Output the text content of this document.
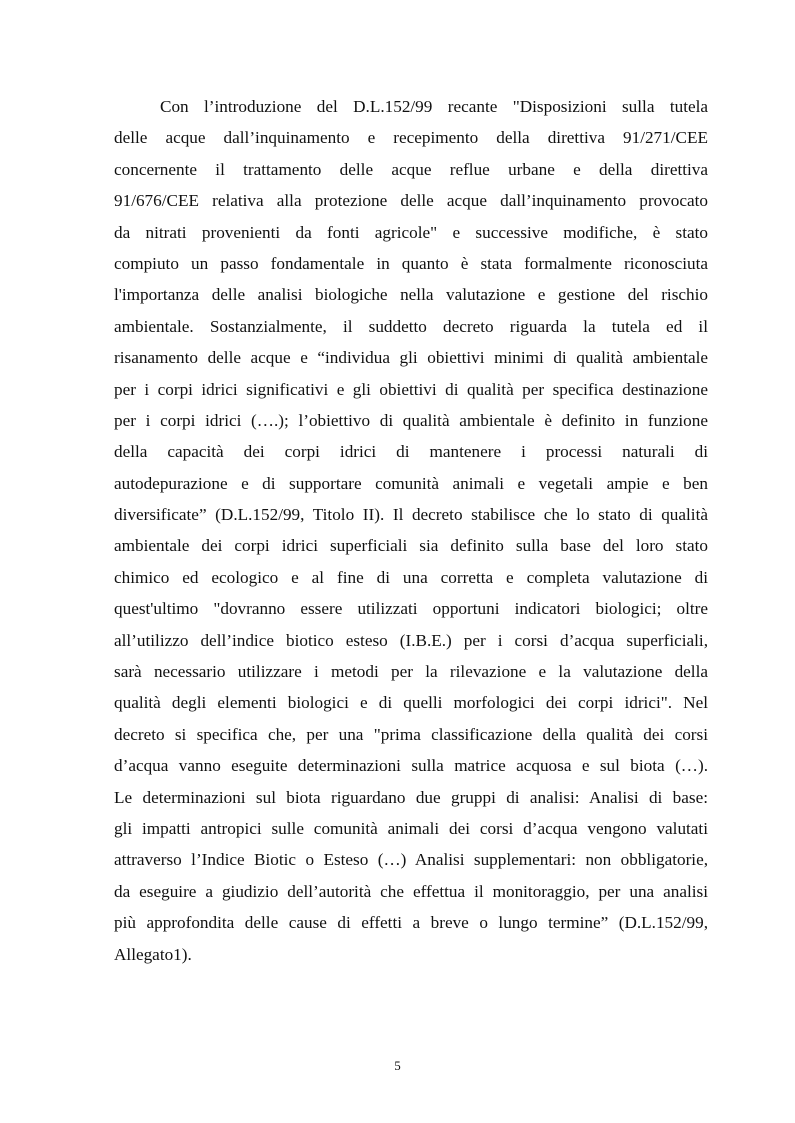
Con l’introduzione del D.L.152/99 recante "Disposizioni sulla tutela
delle acque dall’inquinamento e recepimento della direttiva 91/271/CEE
concernente il trattamento delle acque reflue urbane e della direttiva
91/676/CEE relativa alla protezione delle acque dall’inquinamento provocato
da nitrati provenienti da fonti agricole" e successive modifiche, è stato
compiuto un passo fondamentale in quanto è stata formalmente riconosciuta
l'importanza delle analisi biologiche nella valutazione e gestione del rischio
ambientale. Sostanzialmente, il suddetto decreto riguarda la tutela ed il
risanamento delle acque e “individua gli obiettivi minimi di qualità ambientale
per i corpi idrici significativi e gli obiettivi di qualità per specifica destinazione
per i corpi idrici (….); l’obiettivo di qualità ambientale è definito in funzione
della capacità dei corpi idrici di mantenere i processi naturali di
autodepurazione e di supportare comunità animali e vegetali ampie e ben
diversificate” (D.L.152/99, Titolo II). Il decreto stabilisce che lo stato di qualità
ambientale dei corpi idrici superficiali sia definito sulla base del loro stato
chimico ed ecologico e al fine di una corretta e completa valutazione di
quest'ultimo "dovranno essere utilizzati opportuni indicatori biologici; oltre
all’utilizzo dell’indice biotico esteso (I.B.E.) per i corsi d’acqua superficiali,
sarà necessario utilizzare i metodi per la rilevazione e la valutazione della
qualità degli elementi biologici e di quelli morfologici dei corpi idrici". Nel
decreto si specifica che, per una "prima classificazione della qualità dei corsi
d’acqua vanno eseguite determinazioni sulla matrice acquosa e sul biota (…).
Le determinazioni sul biota riguardano due gruppi di analisi: Analisi di base:
gli impatti antropici sulle comunità animali dei corsi d’acqua vengono valutati
attraverso l’Indice Biotic o Esteso (…) Analisi supplementari: non obbligatorie,
da eseguire a giudizio dell’autorità che effettua il monitoraggio, per una analisi
più approfondita delle cause di effetti a breve o lungo termine” (D.L.152/99,
Allegato1).
5
